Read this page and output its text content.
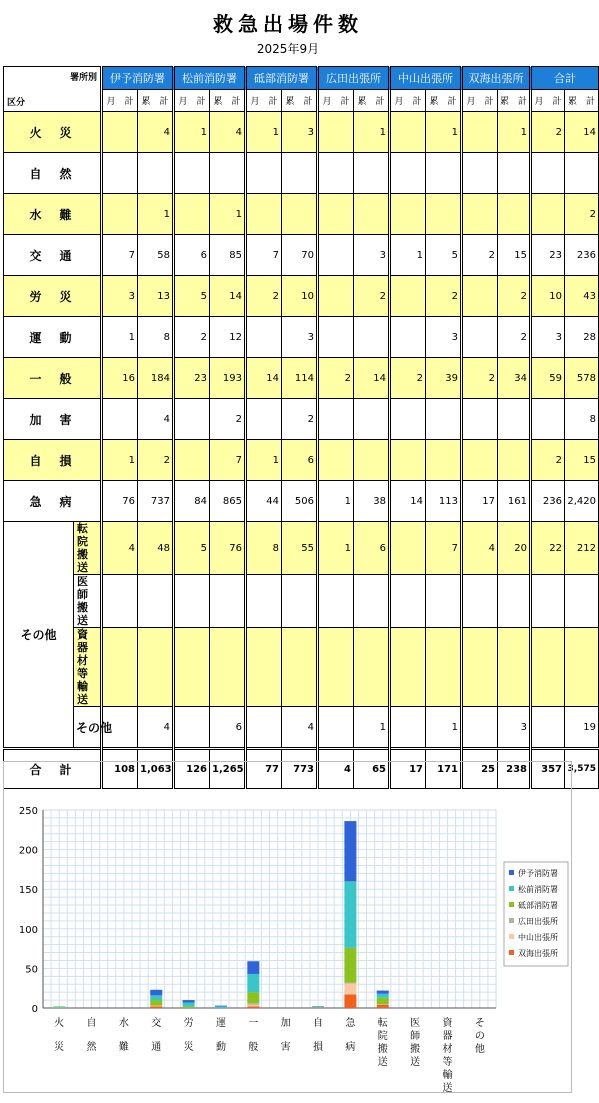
救急出場件数
2025年9月
署所別
区分		伊予消防署		松前消防署		砥部消防署		広田出張所		中山出張所		双海出張所		合計	
		月　計	累　計	月　計	累　計	月　計	累　計	月　計	累　計	月　計	累　計	月　計	累　計	月　計	累　計
火　災			4	1	4	1	3		1		1		1	2	14
自　然															
水　難			1		1										2
交　通		7	58	6	85	7	70		3	1	5	2	15	23	236
労　災		3	13	5	14	2	10		2		2		2	10	43
運　動		1	8	2	12		3				3		2	3	28
一　般		16	184	23	193	14	114	2	14	2	39	2	34	59	578
加　害			4		2		2								8
自　損		1	2		7	1	6							2	15
急　病		76	737	84	865	44	506	1	38	14	113	17	161	236	2,420
その他	転院搬送	4	48	5	76	8	55	1	6		7	4	20	22	212
	医師搬送														
	資器材等輸送														
	その他		4		6		4		1		1		3		19
合　計		108	1,063	126	1,265	77	773	4	65	17	171	25	238	357	3,575
0
50
100
150
200
250
火災
自然
水難
交通
労災
運動
一般
加害
自損
急病
転院搬送
医師搬送
資器材等輸送
その他
伊予消防署
松前消防署
砥部消防署
広田出張所
中山出張所
双海出張所
